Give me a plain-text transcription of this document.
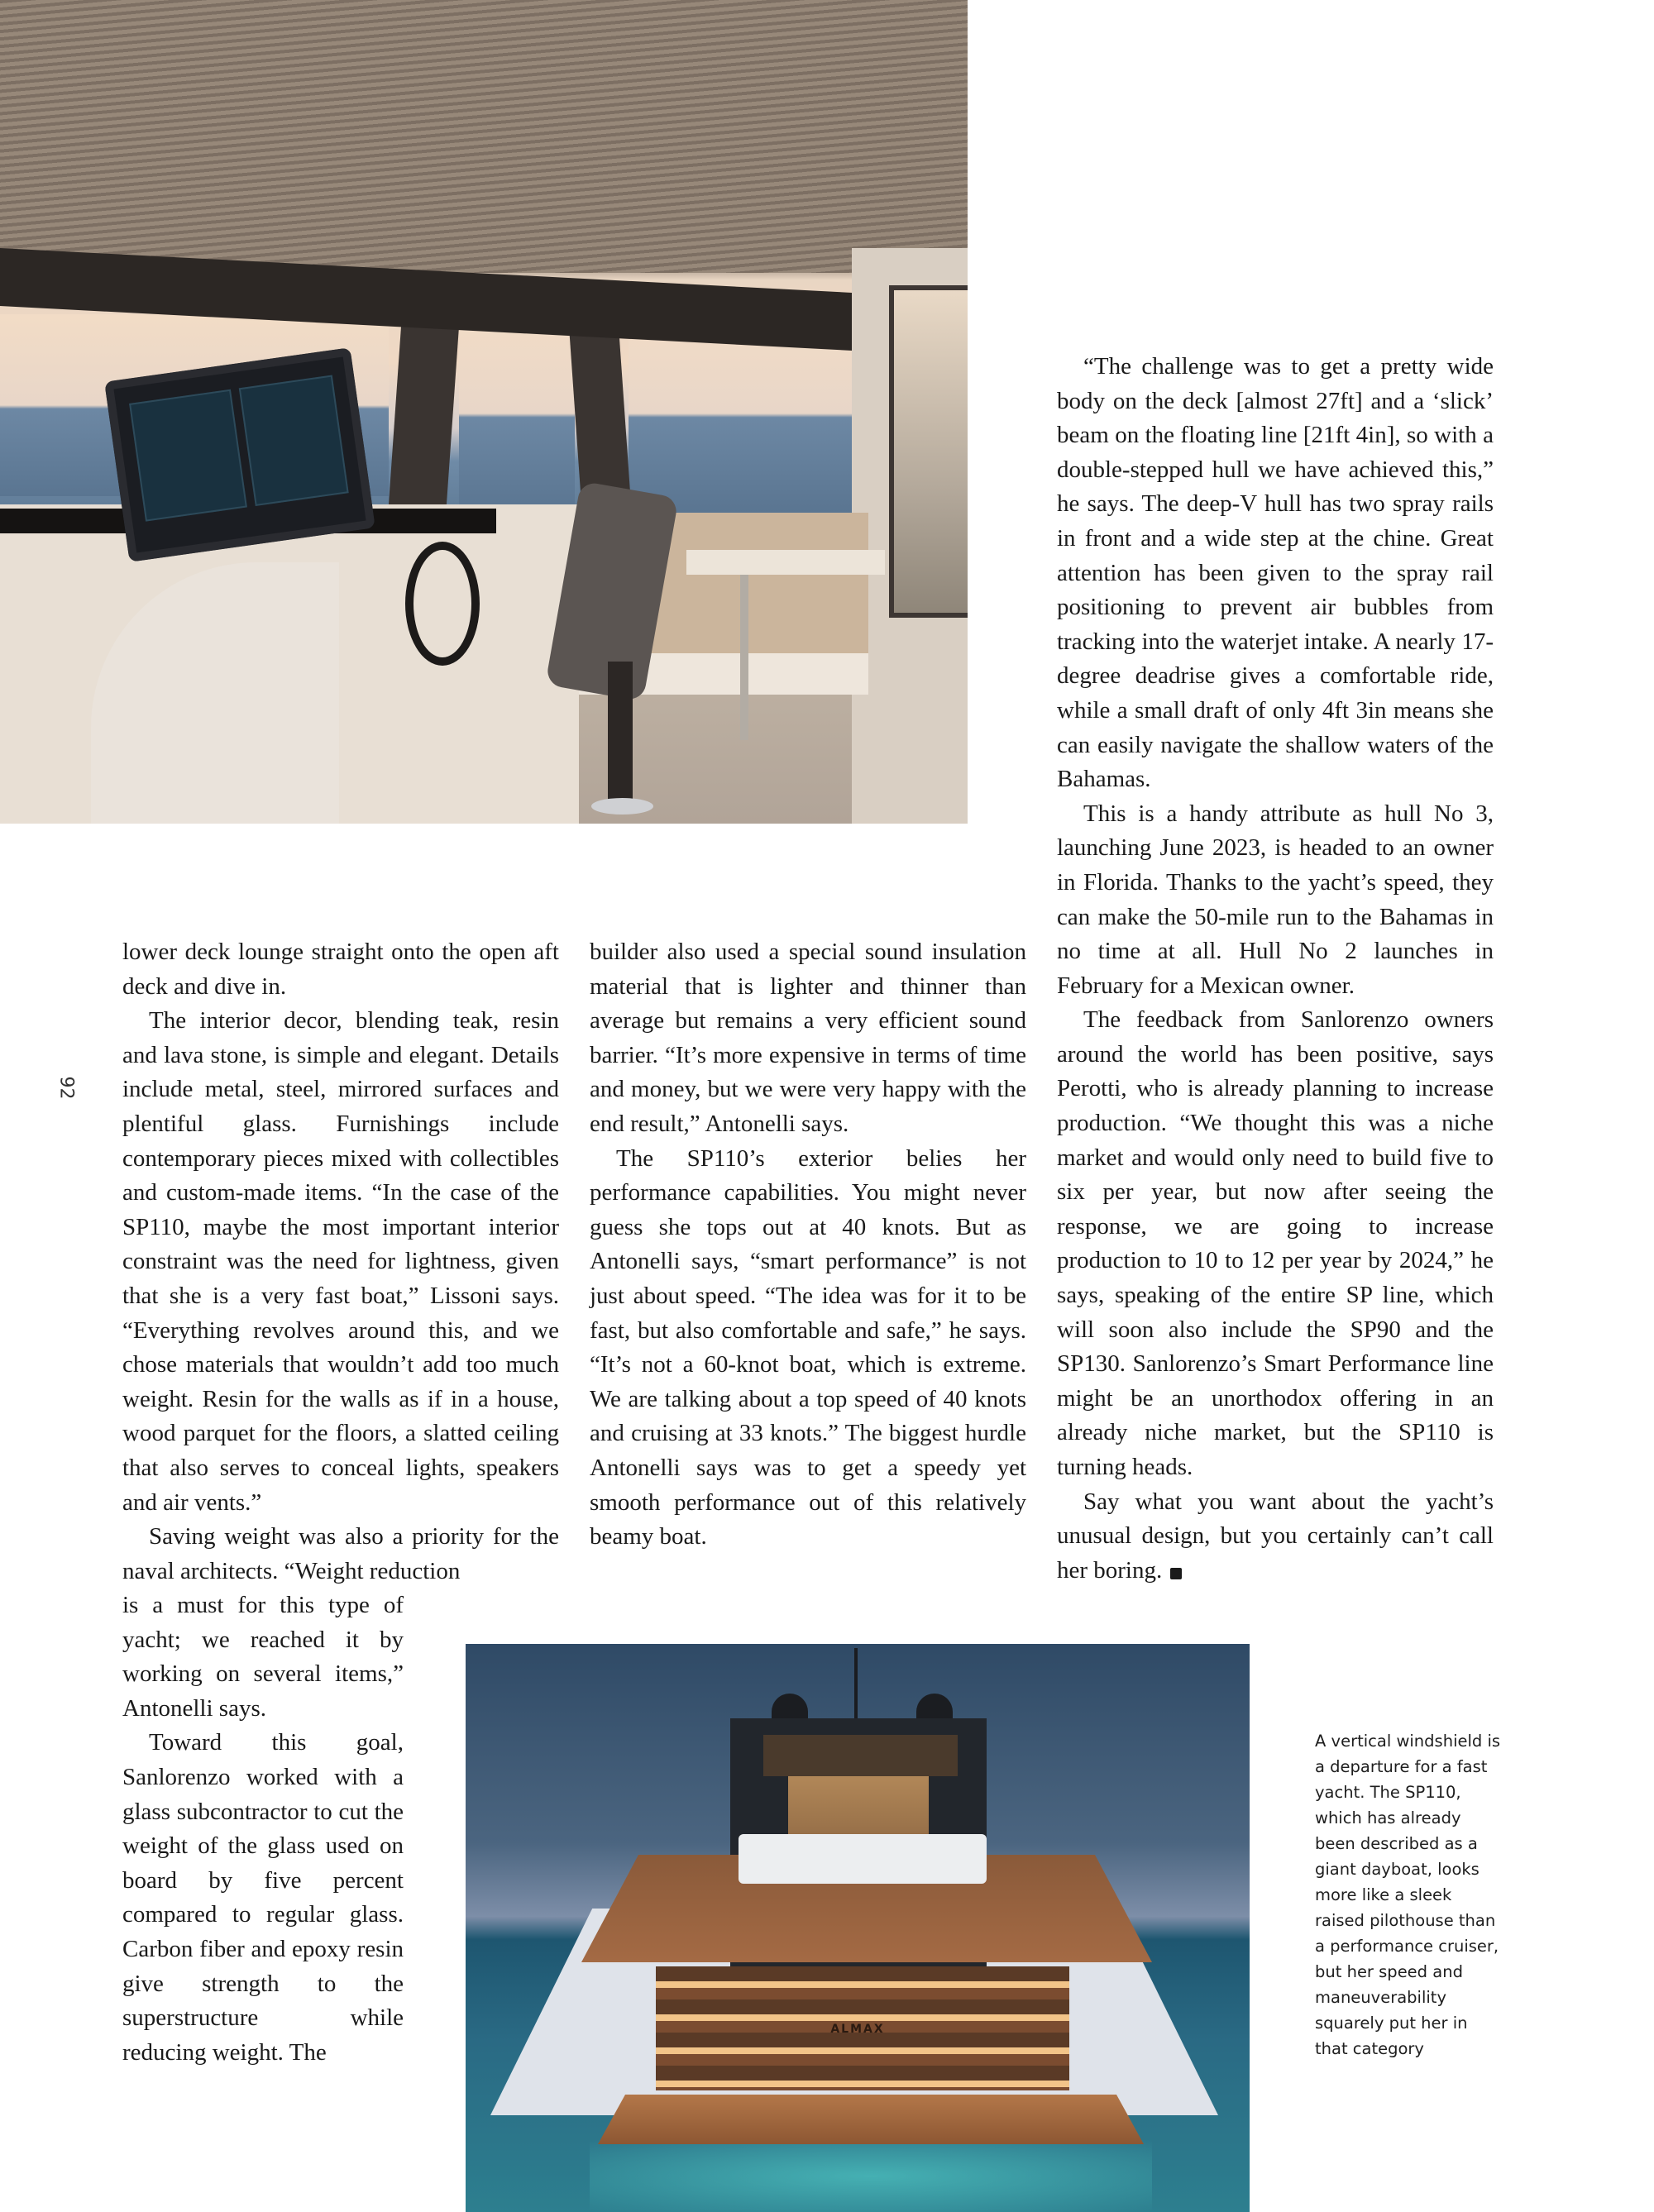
92

“The challenge was to get a pretty wide body on the deck [almost 27ft] and a ‘slick’ beam on the floating line [21ft 4in], so with a double-stepped hull we have achieved this,” he says. The deep-V hull has two spray rails in front and a wide step at the chine. Great attention has been given to the spray rail positioning to prevent air bubbles from tracking into the waterjet intake. A nearly 17-degree deadrise gives a comfortable ride, while a small draft of only 4ft 3in means she can easily navigate the shallow waters of the Bahamas.

This is a handy attribute as hull No 3, launching June 2023, is headed to an owner in Florida. Thanks to the yacht’s speed, they can make the 50-mile run to the Bahamas in no time at all. Hull No 2 launches in February for a Mexican owner.

The feedback from Sanlorenzo owners around the world has been positive, says Perotti, who is already planning to increase production. “We thought this was a niche market and would only need to build five to six per year, but now after seeing the response, we are going to increase production to 10 to 12 per year by 2024,” he says, speaking of the entire SP line, which will soon also include the SP90 and the SP130. Sanlorenzo’s Smart Performance line might be an unorthodox offering in an already niche market, but the SP110 is turning heads.

Say what you want about the yacht’s unusual design, but you certainly can’t call her boring.	B

lower deck lounge straight onto the open aft deck and dive in.

The interior decor, blending teak, resin and lava stone, is simple and elegant. Details include metal, steel, mirrored surfaces and plentiful glass. Furnishings include contemporary pieces mixed with collectibles and custom-made items. “In the case of the SP110, maybe the most important interior constraint was the need for lightness, given that she is a very fast boat,” Lissoni says. “Everything revolves around this, and we chose materials that wouldn’t add too much weight. Resin for the walls as if in a house, wood parquet for the floors, a slatted ceiling that also serves to conceal lights, speakers and air vents.”

Saving weight was also a priority for the naval architects. “Weight reduction

is a must for this type of yacht; we reached it by working on several items,” Antonelli says.

Toward this goal, Sanlorenzo worked with a glass subcontractor to cut the weight of the glass used on board by five percent compared to regular glass. Carbon fiber and epoxy resin give strength to the superstructure while reducing weight. The

builder also used a special sound insulation material that is lighter and thinner than average but remains a very efficient sound barrier. “It’s more expensive in terms of time and money, but we were very happy with the end result,” Antonelli says.

The SP110’s exterior belies her performance capabilities. You might never guess she tops out at 40 knots. But as Antonelli says, “smart performance” is not just about speed. “The idea was for it to be fast, but also comfortable and safe,” he says. “It’s not a 60-knot boat, which is extreme. We are talking about a top speed of 40 knots and cruising at 33 knots.” The biggest hurdle Antonelli says was to get a speedy yet smooth performance out of this relatively beamy boat.

ALMAX
A vertical windshield is
a departure for a fast
yacht. The SP110,
which has already
been described as a
giant dayboat, looks
more like a sleek
raised pilothouse than
a performance cruiser,
but her speed and
maneuverability
squarely put her in
that category
